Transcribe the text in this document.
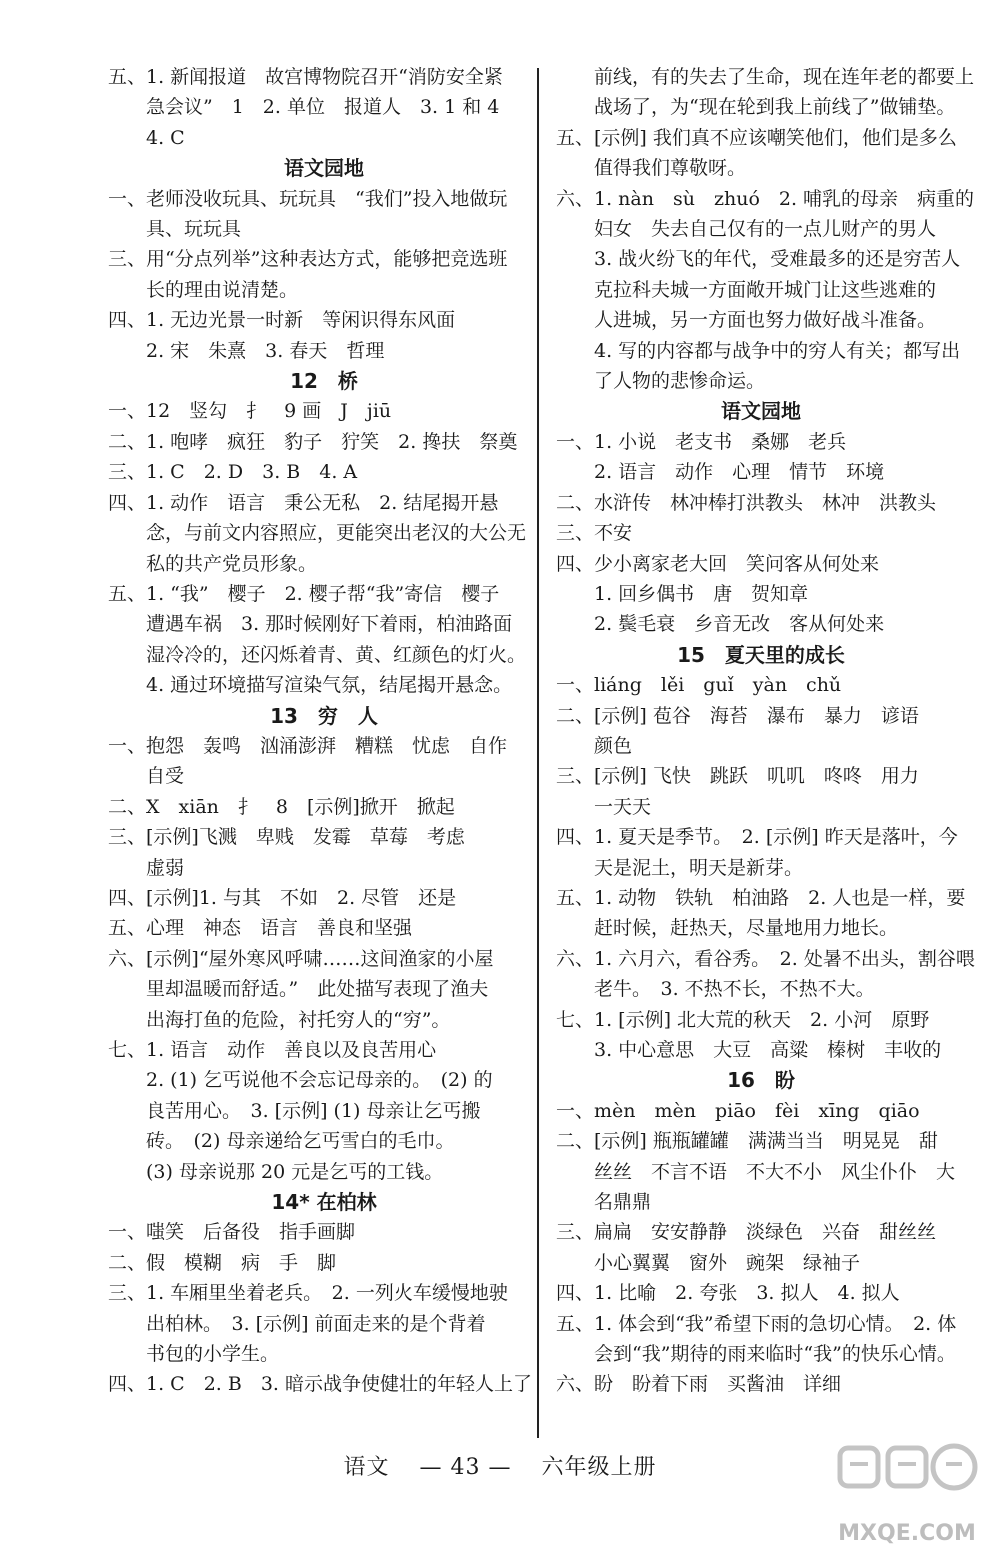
五、1. 新闻报道　故宫博物院召开“消防安全紧
　　急会议”　1　2. 单位　报道人　3. 1 和 4
　　4. C
语文园地
一、老师没收玩具、玩玩具　“我们”投入地做玩
　　具、玩玩具
三、用“分点列举”这种表达方式，能够把竞选班
　　长的理由说清楚。
四、1. 无边光景一时新　等闲识得东风面
　　2. 宋　朱熹　3. 春天　哲理
12　桥
一、12　竖勾　扌　9 画　J　jiū
二、1. 咆哮　疯狂　豹子　狞笑　2. 搀扶　祭奠
三、1. C　2. D　3. B　4. A
四、1. 动作　语言　秉公无私　2. 结尾揭开悬
　　念，与前文内容照应，更能突出老汉的大公无
　　私的共产党员形象。
五、1. “我”　樱子　2. 樱子帮“我”寄信　樱子
　　遭遇车祸　3. 那时候刚好下着雨，柏油路面
　　湿冷冷的，还闪烁着青、黄、红颜色的灯火。
　　4. 通过环境描写渲染气氛，结尾揭开悬念。
13　穷　人
一、抱怨　轰鸣　汹涌澎湃　糟糕　忧虑　自作
　　自受
二、X　xiān　扌　8　[示例]掀开　掀起
三、[示例]飞溅　卑贱　发霉　草莓　考虑
　　虚弱
四、[示例]1. 与其　不如　2. 尽管　还是
五、心理　神态　语言　善良和坚强
六、[示例]“屋外寒风呼啸……这间渔家的小屋
　　里却温暖而舒适。”　此处描写表现了渔夫
　　出海打鱼的危险，衬托穷人的“穷”。
七、1. 语言　动作　善良以及良苦用心
　　2. (1) 乞丐说他不会忘记母亲的。　(2) 的
　　良苦用心。　3. [示例] (1) 母亲让乞丐搬
　　砖。　(2) 母亲递给乞丐雪白的毛巾。
　　(3) 母亲说那 20 元是乞丐的工钱。
14* 在柏林
一、嗤笑　后备役　指手画脚
二、假　模糊　病　手　脚
三、1. 车厢里坐着老兵。　2. 一列火车缓慢地驶
　　出柏林。　3. [示例] 前面走来的是个背着
　　书包的小学生。
四、1. C　2. B　3. 暗示战争使健壮的年轻人上了
　　前线，有的失去了生命，现在连年老的都要上
　　战场了，为“现在轮到我上前线了”做铺垫。
五、[示例] 我们真不应该嘲笑他们，他们是多么
　　值得我们尊敬呀。
六、1. nàn　sù　zhuó　2. 哺乳的母亲　病重的
　　妇女　失去自己仅有的一点儿财产的男人
　　3. 战火纷飞的年代，受难最多的还是穷苦人
　　克拉科夫城一方面敞开城门让这些逃难的
　　人进城，另一方面也努力做好战斗准备。
　　4. 写的内容都与战争中的穷人有关；都写出
　　了人物的悲惨命运。
语文园地
一、1. 小说　老支书　桑娜　老兵
　　2. 语言　动作　心理　情节　环境
二、水浒传　林冲棒打洪教头　林冲　洪教头
三、不安
四、少小离家老大回　笑问客从何处来
　　1. 回乡偶书　唐　贺知章
　　2. 鬓毛衰　乡音无改　客从何处来
15　夏天里的成长
一、liáng　lěi　guǐ　yàn　chǔ
二、[示例] 苞谷　海苔　瀑布　暴力　谚语
　　颜色
三、[示例] 飞快　跳跃　叽叽　咚咚　用力
　　一天天
四、1. 夏天是季节。　2. [示例] 昨天是落叶，今
　　天是泥土，明天是新芽。
五、1. 动物　铁轨　柏油路　2. 人也是一样，要
　　赶时候，赶热天，尽量地用力地长。
六、1. 六月六，看谷秀。　2. 处暑不出头，割谷喂
　　老牛。　3. 不热不长，不热不大。
七、1. [示例] 北大荒的秋天　2. 小河　原野
　　3. 中心意思　大豆　高粱　榛树　丰收的
16　盼
一、mèn　mèn　piāo　fèi　xīng　qiāo
二、[示例] 瓶瓶罐罐　满满当当　明晃晃　甜
　　丝丝　不言不语　不大不小　风尘仆仆　大
　　名鼎鼎
三、扁扁　安安静静　淡绿色　兴奋　甜丝丝
　　小心翼翼　窗外　豌架　绿袖子
四、1. 比喻　2. 夸张　3. 拟人　4. 拟人
五、1. 体会到“我”希望下雨的急切心情。　2. 体
　　会到“我”期待的雨来临时“我”的快乐心情。
六、盼　盼着下雨　买酱油　详细
语文 — 43 — 六年级上册
MXQE.COM
